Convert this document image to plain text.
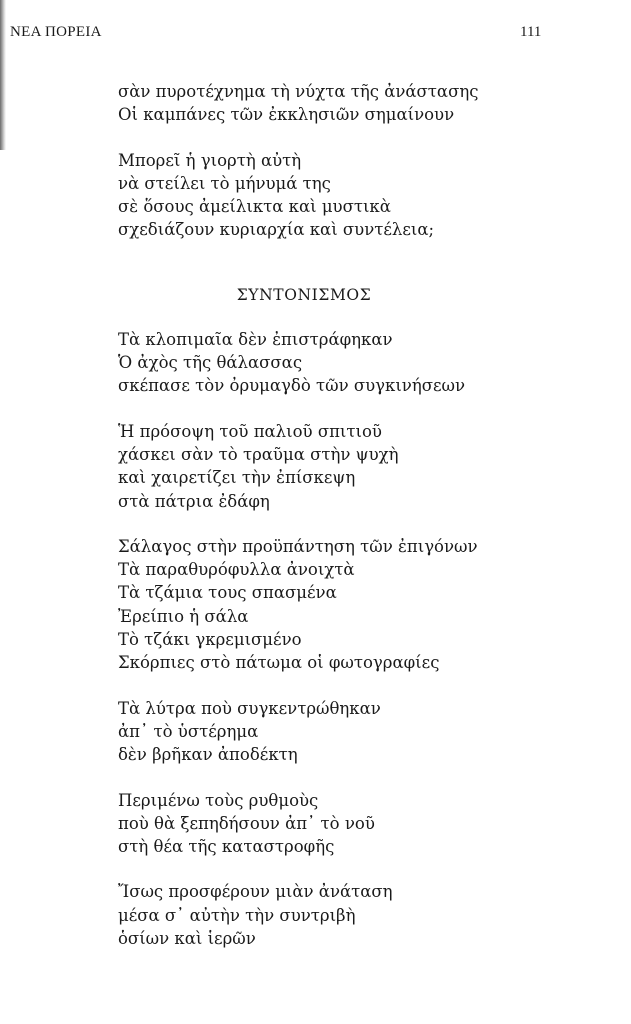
ΝΕΑ ΠΟΡΕΙΑ	111
σὰν πυροτέχνημα τὴ νύχτα τῆς ἀνάστασης
Οἱ καμπάνες τῶν ἐκκλησιῶν σημαίνουν
Μπορεῖ ἡ γιορτὴ αὐτὴ
νὰ στείλει τὸ μήνυμά της
σὲ ὅσους ἀμείλικτα καὶ μυστικὰ
σχεδιάζουν κυριαρχία καὶ συντέλεια;
ΣΥΝΤΟΝΙΣΜΟΣ
Τὰ κλοπιμαῖα δὲν ἐπιστράφηκαν
Ὁ ἀχὸς τῆς θάλασσας
σκέπασε τὸν ὀρυμαγδὸ τῶν συγκινήσεων
Ἡ πρόσοψη τοῦ παλιοῦ σπιτιοῦ
χάσκει σὰν τὸ τραῦμα στὴν ψυχὴ
καὶ χαιρετίζει τὴν ἐπίσκεψη
στὰ πάτρια ἐδάφη
Σάλαγος στὴν προϋπάντηση τῶν ἐπιγόνων
Τὰ παραθυρόφυλλα ἀνοιχτὰ
Τὰ τζάμια τους σπασμένα
Ἐρείπιο ἡ σάλα
Τὸ τζάκι γκρεμισμένο
Σκόρπιες στὸ πάτωμα οἱ φωτογραφίες
Τὰ λύτρα ποὺ συγκεντρώθηκαν
ἀπ᾿ τὸ ὑστέρημα
δὲν βρῆκαν ἀποδέκτη
Περιμένω τοὺς ρυθμοὺς
ποὺ θὰ ξεπηδήσουν ἀπ᾿ τὸ νοῦ
στὴ θέα τῆς καταστροφῆς
Ἴσως προσφέρουν μιὰν ἀνάταση
μέσα σ᾿ αὐτὴν τὴν συντριβὴ
ὁσίων καὶ ἱερῶν
